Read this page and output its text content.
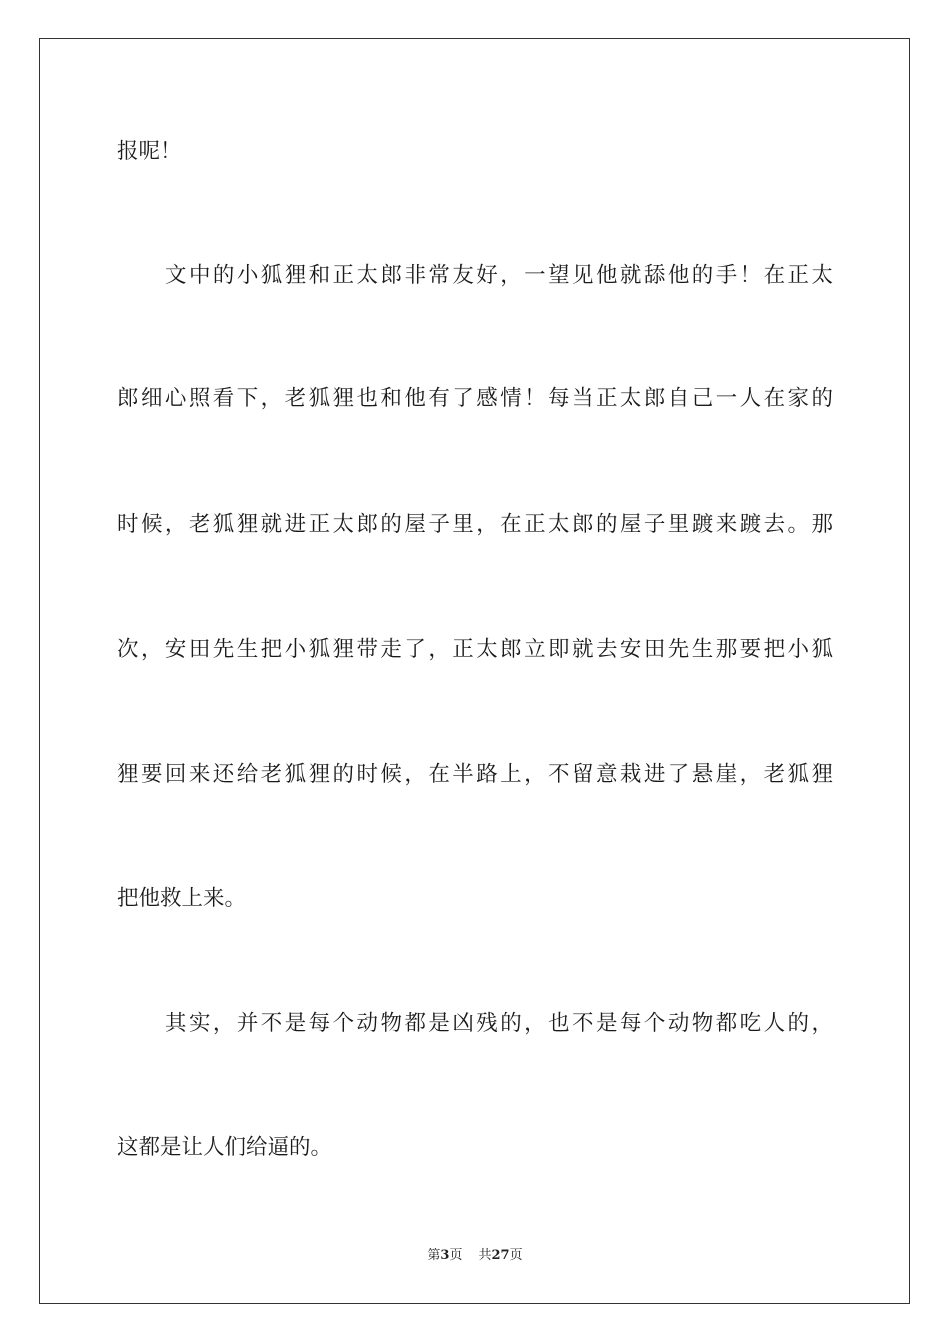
报呢！
文中的小狐狸和正太郎非常友好，一望见他就舔他的手！在正太
郎细心照看下，老狐狸也和他有了感情！每当正太郎自己一人在家的
时候，老狐狸就进正太郎的屋子里，在正太郎的屋子里踱来踱去。那
次，安田先生把小狐狸带走了，正太郎立即就去安田先生那要把小狐
狸要回来还给老狐狸的时候，在半路上，不留意栽进了悬崖，老狐狸
把他救上来。
其实，并不是每个动物都是凶残的，也不是每个动物都吃人的，
这都是让人们给逼的。
第3页 共27页
